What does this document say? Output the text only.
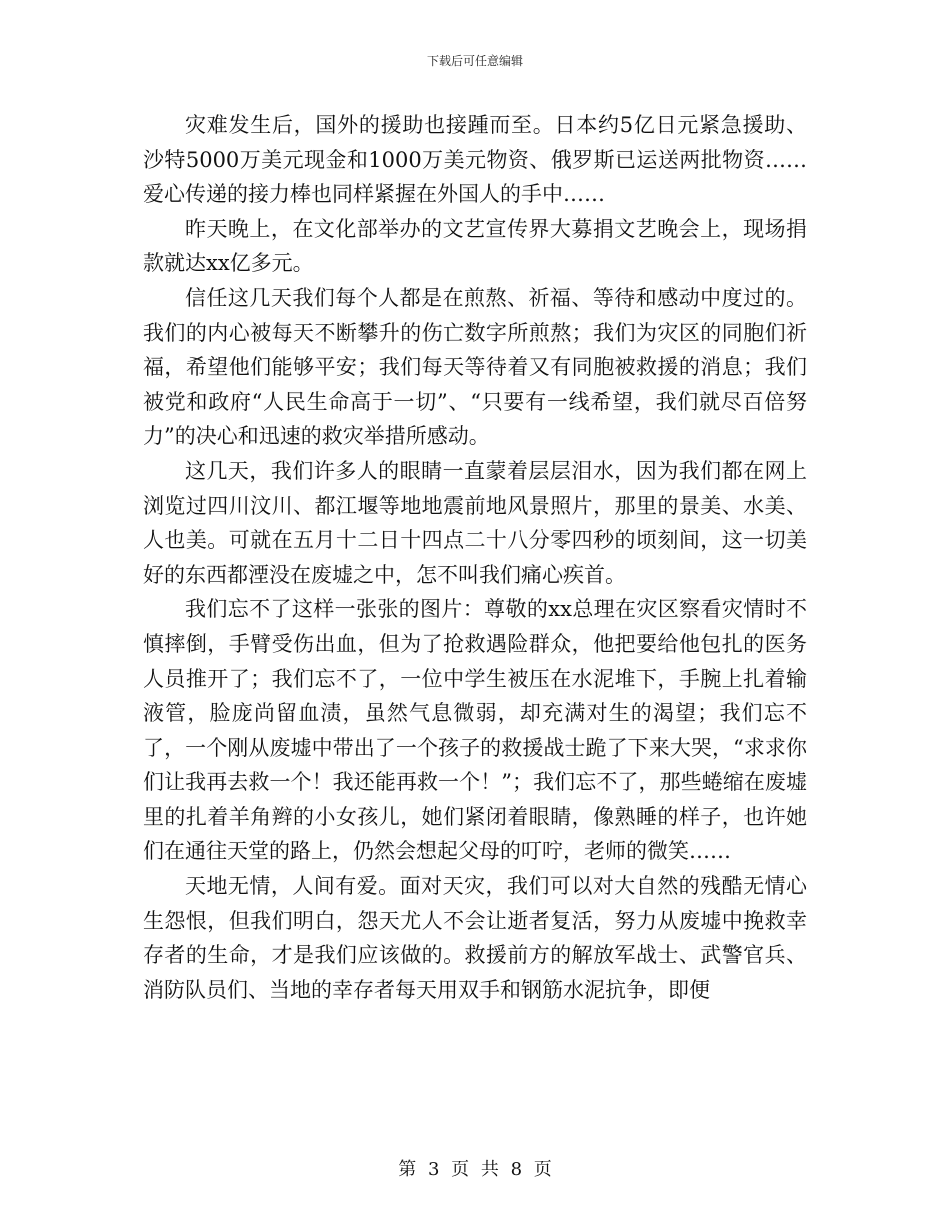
下载后可任意编辑

灾难发生后，国外的援助也接踵而至。日本约5亿日元紧急援助、沙特5000万美元现金和1000万美元物资、俄罗斯已运送两批物资……爱心传递的接力棒也同样紧握在外国人的手中……

昨天晚上，在文化部举办的文艺宣传界大募捐文艺晚会上，现场捐款就达xx亿多元。

信任这几天我们每个人都是在煎熬、祈福、等待和感动中度过的。我们的内心被每天不断攀升的伤亡数字所煎熬；我们为灾区的同胞们祈福，希望他们能够平安；我们每天等待着又有同胞被救援的消息；我们被党和政府“人民生命高于一切”、“只要有一线希望，我们就尽百倍努力”的决心和迅速的救灾举措所感动。

这几天，我们许多人的眼睛一直蒙着层层泪水，因为我们都在网上浏览过四川汶川、都江堰等地地震前地风景照片，那里的景美、水美、人也美。可就在五月十二日十四点二十八分零四秒的顷刻间，这一切美好的东西都湮没在废墟之中，怎不叫我们痛心疾首。

我们忘不了这样一张张的图片：尊敬的xx总理在灾区察看灾情时不慎摔倒，手臂受伤出血，但为了抢救遇险群众，他把要给他包扎的医务人员推开了；我们忘不了，一位中学生被压在水泥堆下，手腕上扎着输液管，脸庞尚留血渍，虽然气息微弱，却充满对生的渴望；我们忘不了，一个刚从废墟中带出了一个孩子的救援战士跪了下来大哭，“求求你们让我再去救一个！我还能再救一个！”；我们忘不了，那些蜷缩在废墟里的扎着羊角辫的小女孩儿，她们紧闭着眼睛，像熟睡的样子，也许她们在通往天堂的路上，仍然会想起父母的叮咛，老师的微笑……

天地无情，人间有爱。面对天灾，我们可以对大自然的残酷无情心生怨恨，但我们明白，怨天尤人不会让逝者复活，努力从废墟中挽救幸存者的生命，才是我们应该做的。救援前方的解放军战士、武警官兵、消防队员们、当地的幸存者每天用双手和钢筋水泥抗争，即便

第 3 页 共 8 页
